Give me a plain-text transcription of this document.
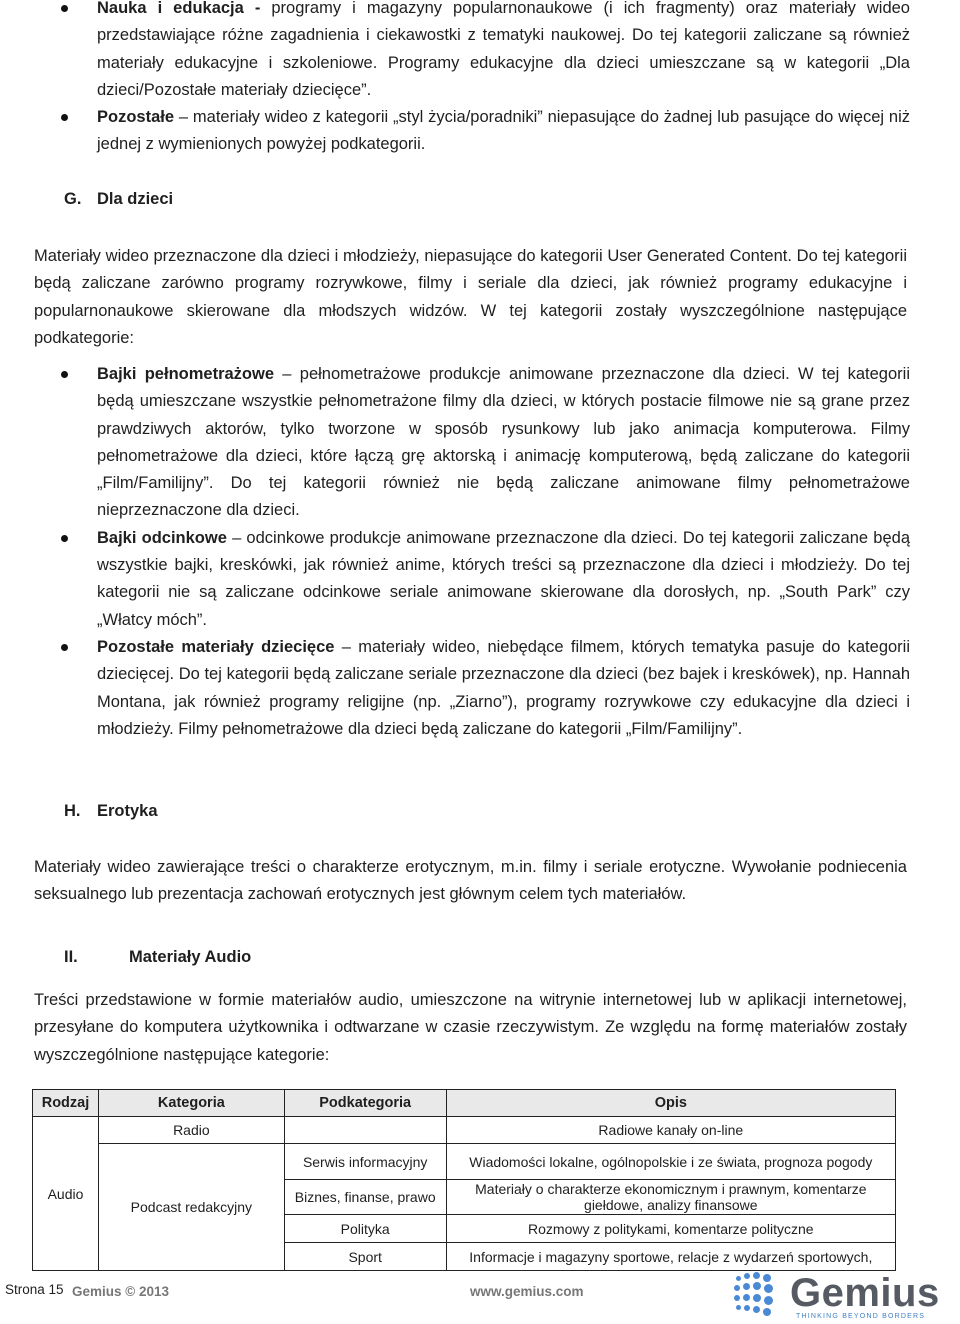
Nauka i edukacja - programy i magazyny popularnonaukowe (i ich fragmenty) oraz materiały wideo przedstawiające różne zagadnienia i ciekawostki z tematyki naukowej. Do tej kategorii zaliczane są również materiały edukacyjne i szkoleniowe. Programy edukacyjne dla dzieci umieszczane są w kategorii „Dla dzieci/Pozostałe materiały dziecięce”.
Pozostałe – materiały wideo z kategorii „styl życia/poradniki” niepasujące do żadnej lub pasujące do więcej niż jednej z wymienionych powyżej podkategorii.
G. Dla dzieci

Materiały wideo przeznaczone dla dzieci i młodzieży, niepasujące do kategorii User Generated Content. Do tej kategorii będą zaliczane zarówno programy rozrywkowe, filmy i seriale dla dzieci, jak również programy edukacyjne i popularnonaukowe skierowane dla młodszych widzów. W tej kategorii zostały wyszczególnione następujące podkategorie:

Bajki pełnometrażowe – pełnometrażowe produkcje animowane przeznaczone dla dzieci. W tej kategorii będą umieszczane wszystkie pełnometrażone filmy dla dzieci, w których postacie filmowe nie są grane przez prawdziwych aktorów, tylko tworzone w sposób rysunkowy lub jako animacja komputerowa. Filmy pełnometrażowe dla dzieci, które łączą grę aktorską i animację komputerową, będą zaliczane do kategorii „Film/Familijny”. Do tej kategorii również nie będą zaliczane animowane filmy pełnometrażowe nieprzeznaczone dla dzieci.
Bajki odcinkowe – odcinkowe produkcje animowane przeznaczone dla dzieci. Do tej kategorii zaliczane będą wszystkie bajki, kreskówki, jak również anime, których treści są przeznaczone dla dzieci i młodzieży. Do tej kategorii nie są zaliczane odcinkowe seriale animowane skierowane dla dorosłych, np. „South Park” czy „Włatcy móch”.
Pozostałe materiały dziecięce – materiały wideo, niebędące filmem, których tematyka pasuje do kategorii dziecięcej. Do tej kategorii będą zaliczane seriale przeznaczone dla dzieci (bez bajek i kreskówek), np. Hannah Montana, jak również programy religijne (np. „Ziarno”), programy rozrywkowe czy edukacyjne dla dzieci i młodzieży. Filmy pełnometrażowe dla dzieci będą zaliczane do kategorii „Film/Familijny”.
H. Erotyka

Materiały wideo zawierające treści o charakterze erotycznym, m.in. filmy i seriale erotyczne. Wywołanie podniecenia seksualnego lub prezentacja zachowań erotycznych jest głównym celem tych materiałów.

II.	Materiały Audio

Treści przedstawione w formie materiałów audio, umieszczone na witrynie internetowej lub w aplikacji internetowej, przesyłane do komputera użytkownika i odtwarzane w czasie rzeczywistym. Ze względu na formę materiałów zostały wyszczególnione następujące kategorie:

Rodzaj	Kategoria	Podkategoria	Opis
Audio	Radio		Radiowe kanały on-line
	Podcast redakcyjny	Serwis informacyjny	Wiadomości lokalne, ogólnopolskie i ze świata, prognoza pogody
		Biznes, finanse, prawo	Materiały o charakterze ekonomicznym i prawnym, komentarze giełdowe, analizy finansowe
		Polityka	Rozmowy z politykami, komentarze polityczne
		Sport	Informacje i magazyny sportowe, relacje z wydarzeń sportowych,
Strona 15 Gemius © 2013	www.gemius.com	Gemius
THINKING BEYOND BORDERS
